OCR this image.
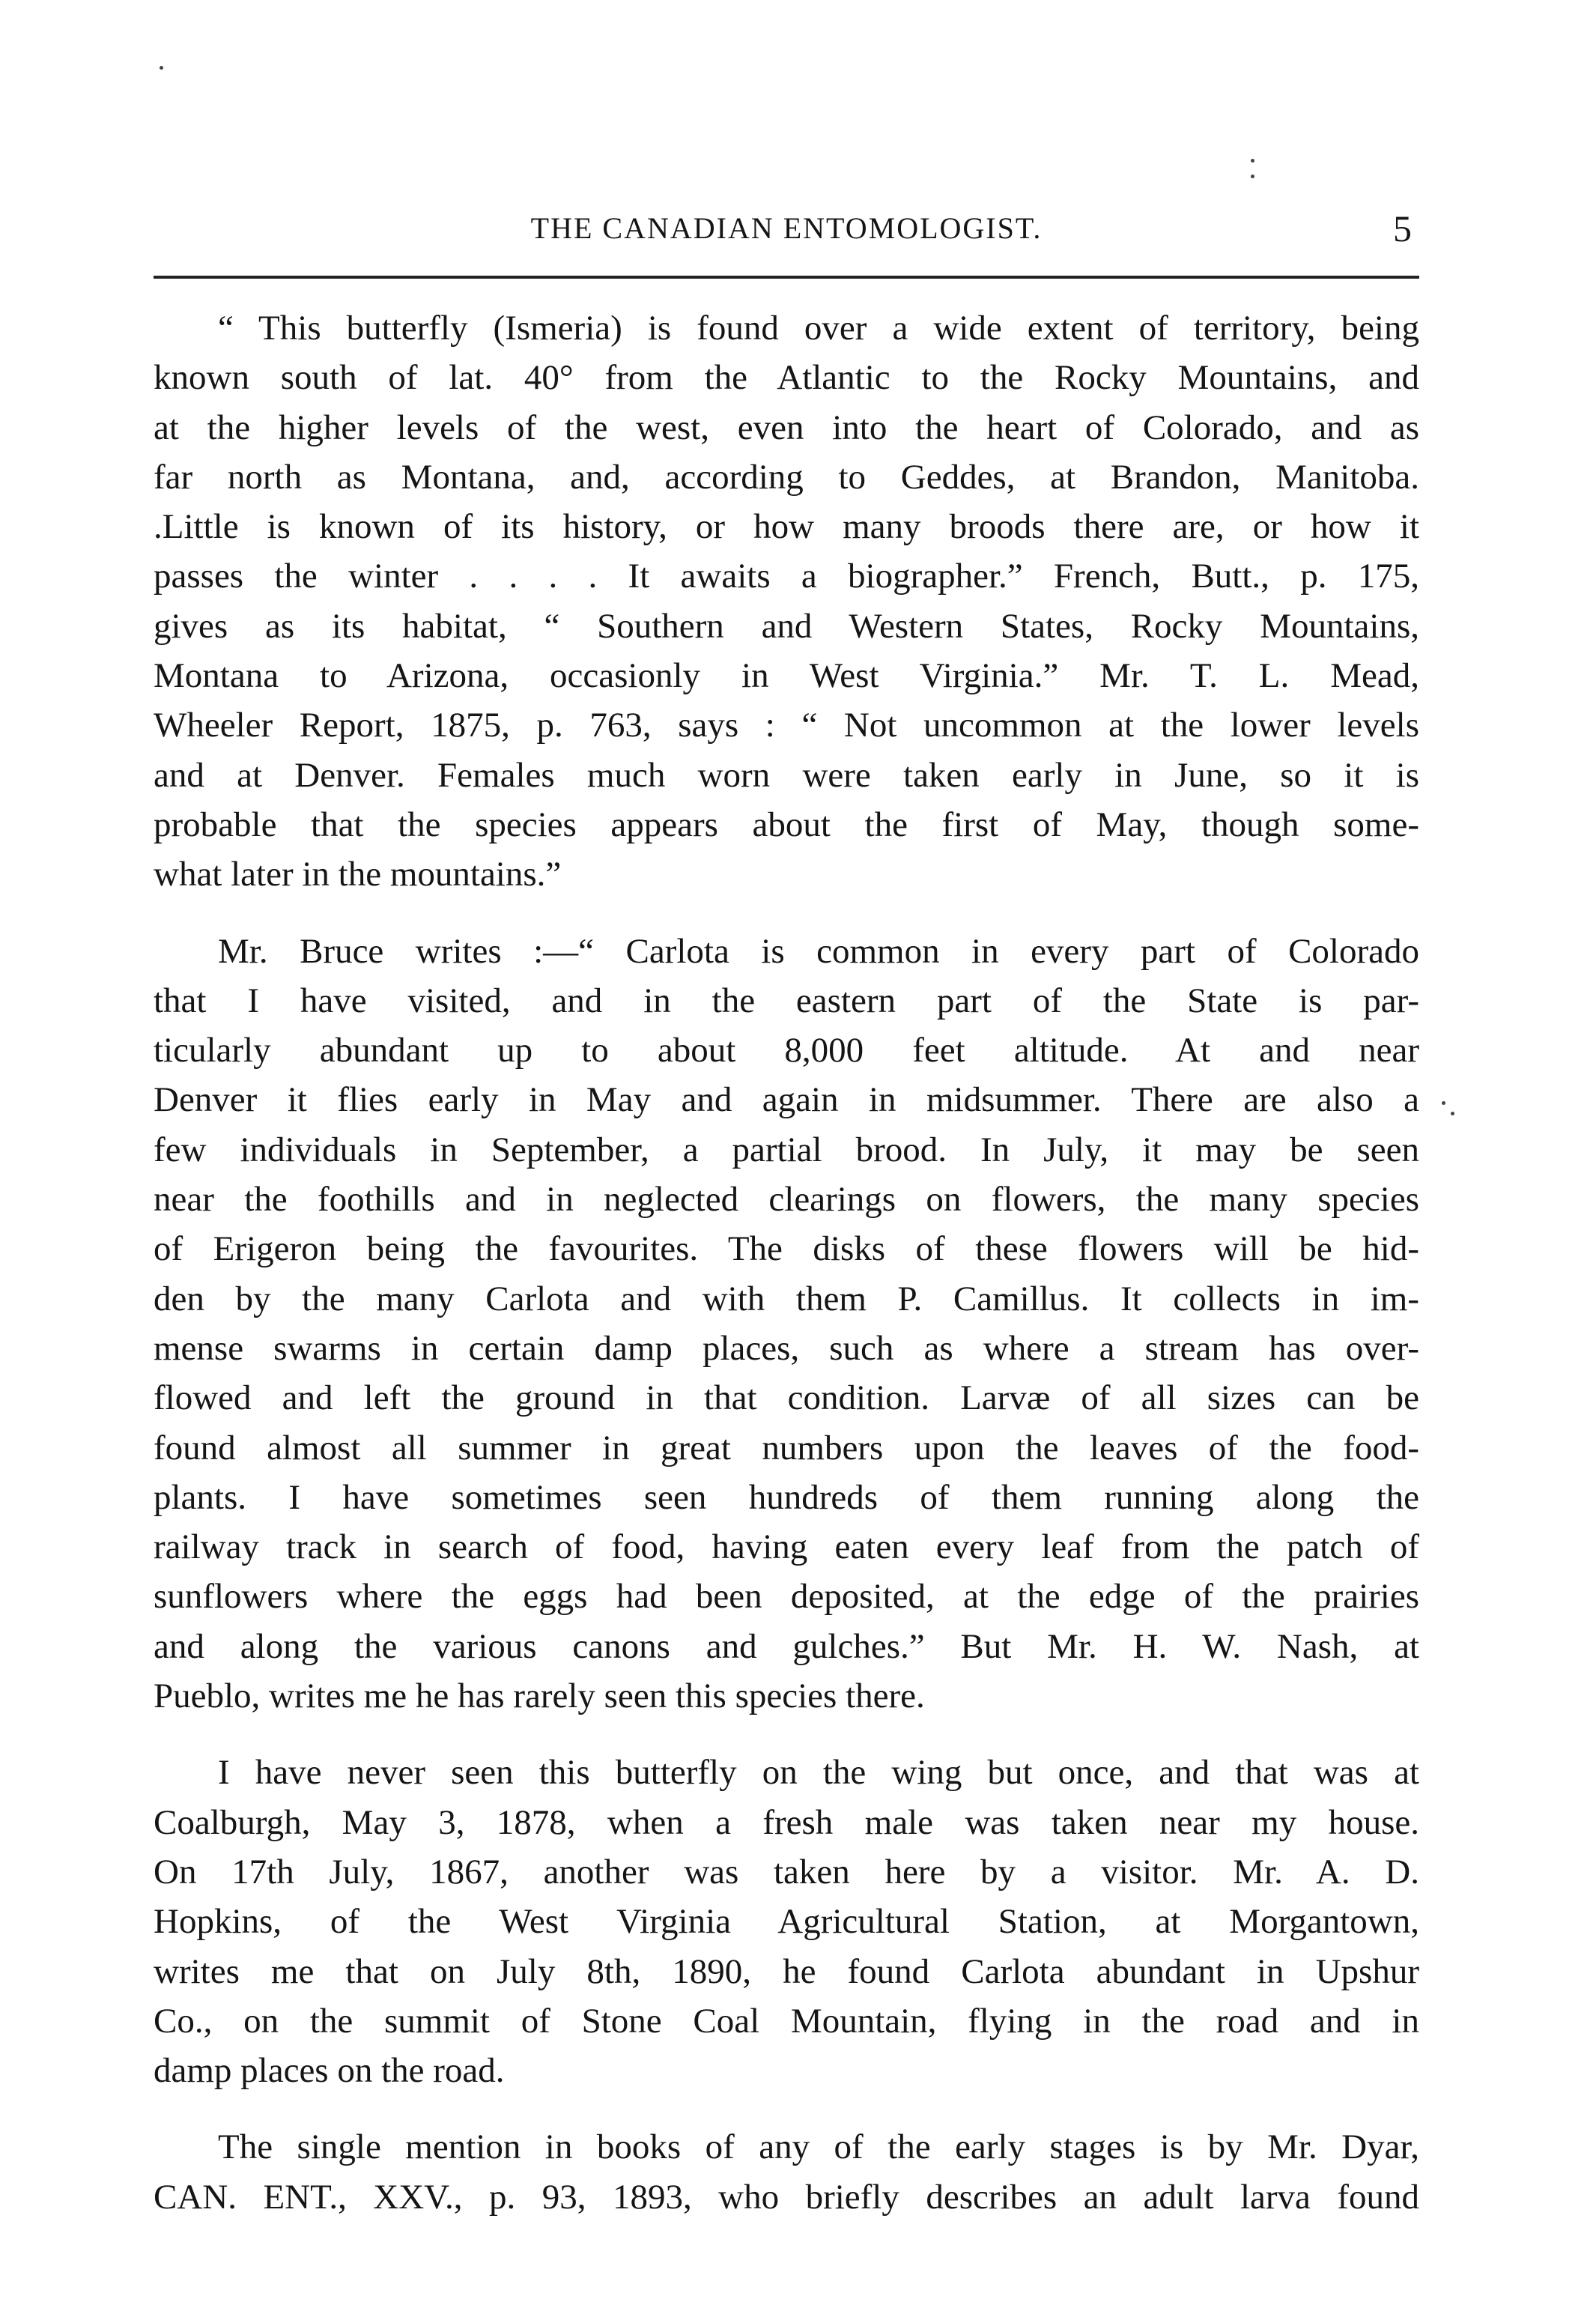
THE CANADIAN ENTOMOLOGIST.	5
“ This butterfly (Ismeria) is found over a wide extent of territory, being
known south of lat. 40° from the Atlantic to the Rocky Mountains, and
at the higher levels of the west, even into the heart of Colorado, and as
far north as Montana, and, according to Geddes, at Brandon, Manitoba.
.Little is known of its history, or how many broods there are, or how it
passes the winter . . . . It awaits a biographer.” French, Butt., p. 175,
gives as its habitat, “ Southern and Western States, Rocky Mountains,
Montana to Arizona, occasionly in West Virginia.” Mr. T. L. Mead,
Wheeler Report, 1875, p. 763, says : “ Not uncommon at the lower levels
and at Denver. Females much worn were taken early in June, so it is
probable that the species appears about the first of May, though some-
what later in the mountains.”
Mr. Bruce writes :—“ Carlota is common in every part of Colorado
that I have visited, and in the eastern part of the State is par-
ticularly abundant up to about 8,000 feet altitude. At and near
Denver it flies early in May and again in midsummer. There are also a
few individuals in September, a partial brood. In July, it may be seen
near the foothills and in neglected clearings on flowers, the many species
of Erigeron being the favourites. The disks of these flowers will be hid-
den by the many Carlota and with them P. Camillus. It collects in im-
mense swarms in certain damp places, such as where a stream has over-
flowed and left the ground in that condition. Larvæ of all sizes can be
found almost all summer in great numbers upon the leaves of the food-
plants. I have sometimes seen hundreds of them running along the
railway track in search of food, having eaten every leaf from the patch of
sunflowers where the eggs had been deposited, at the edge of the prairies
and along the various canons and gulches.” But Mr. H. W. Nash, at
Pueblo, writes me he has rarely seen this species there.
I have never seen this butterfly on the wing but once, and that was at
Coalburgh, May 3, 1878, when a fresh male was taken near my house.
On 17th July, 1867, another was taken here by a visitor. Mr. A. D.
Hopkins, of the West Virginia Agricultural Station, at Morgantown,
writes me that on July 8th, 1890, he found Carlota abundant in Upshur
Co., on the summit of Stone Coal Mountain, flying in the road and in
damp places on the road.
The single mention in books of any of the early stages is by Mr. Dyar,
CAN. ENT., XXV., p. 93, 1893, who briefly describes an adult larva found
